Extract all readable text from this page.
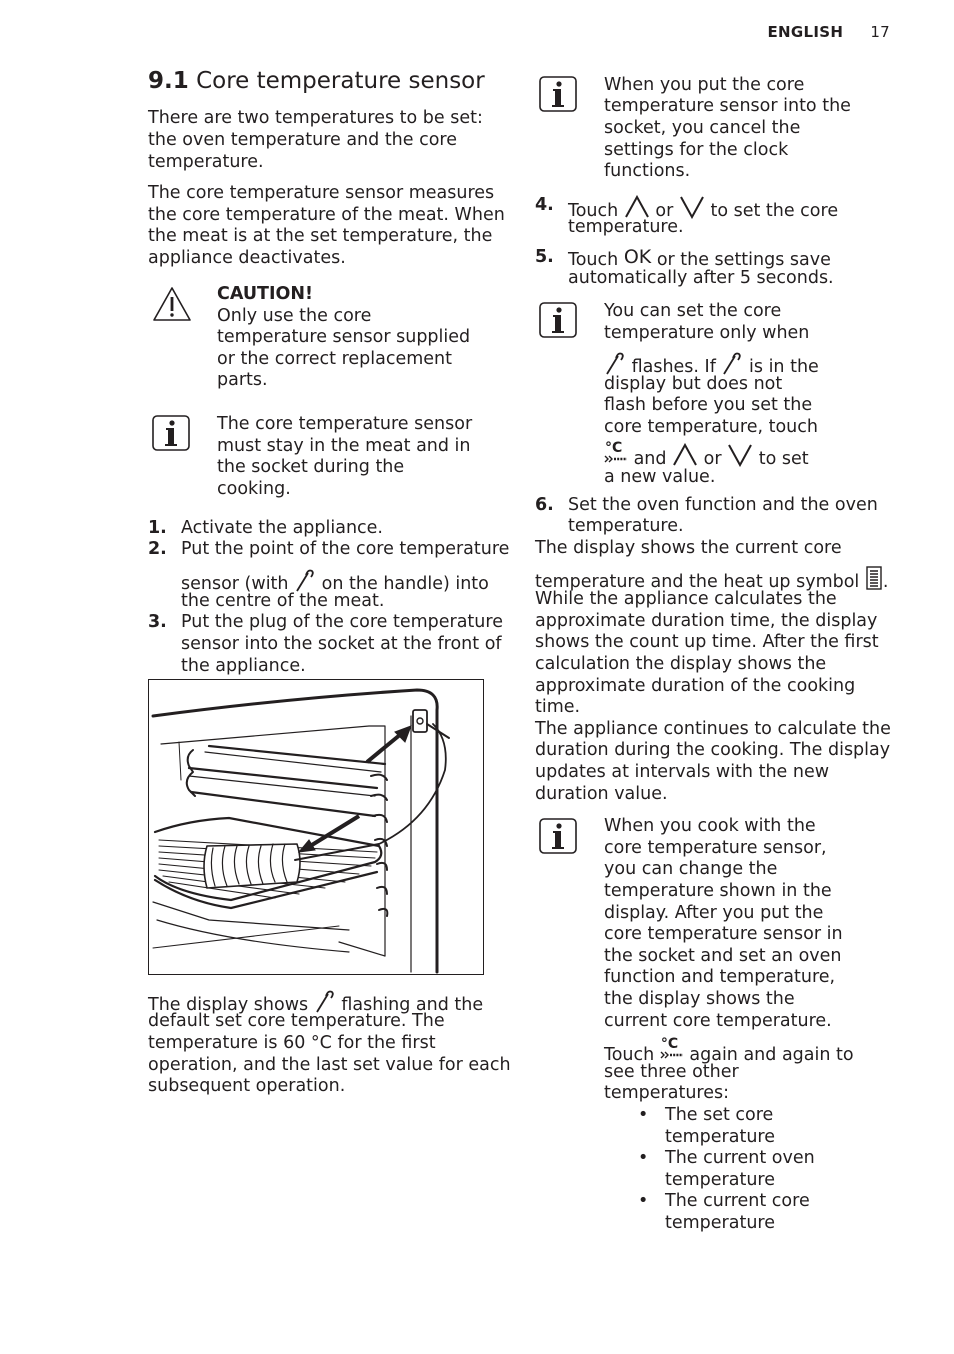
ENGLISH 17
9.1 Core temperature sensor

There are two temperatures to be set:

the oven temperature and the core

temperature.

The core temperature sensor measures

the core temperature of the meat. When

the meat is at the set temperature, the

appliance deactivates.

CAUTION!

Only use the core

temperature sensor supplied

or the correct replacement

parts.

The core temperature sensor

must stay in the meat and in

the socket during the

cooking.

1. Activate the appliance.
2. Put the point of the core temperature
sensor (with on the handle) into
the centre of the meat.
3. Put the plug of the core temperature
sensor into the socket at the front of
the appliance.

The display shows flashing and the

default set core temperature. The

temperature is 60 °C for the first

operation, and the last set value for each

subsequent operation.

When you put the core

temperature sensor into the

socket, you cancel the

settings for the clock

functions.

4. Touch or to set the core
temperature.
5. Touch OK or the settings save
automatically after 5 seconds.

You can set the core

temperature only when

flashes. If is in the

display but does not

flash before you set the

core temperature, touch

°C
and or to set

a new value.

6. Set the oven function and the oven
temperature.

The display shows the current core

temperature and the heat up symbol .

While the appliance calculates the

approximate duration time, the display

shows the count up time. After the first

calculation the display shows the

approximate duration of the cooking

time.

The appliance continues to calculate the

duration during the cooking. The display

updates at intervals with the new

duration value.

When you cook with the

core temperature sensor,

you can change the

temperature shown in the

display. After you put the

core temperature sensor in

the socket and set an oven

function and temperature,

the display shows the

current core temperature.

Touch
°C
again and again to

see three other

temperatures:

• The set core
temperature
• The current oven
temperature
• The current core
temperature
